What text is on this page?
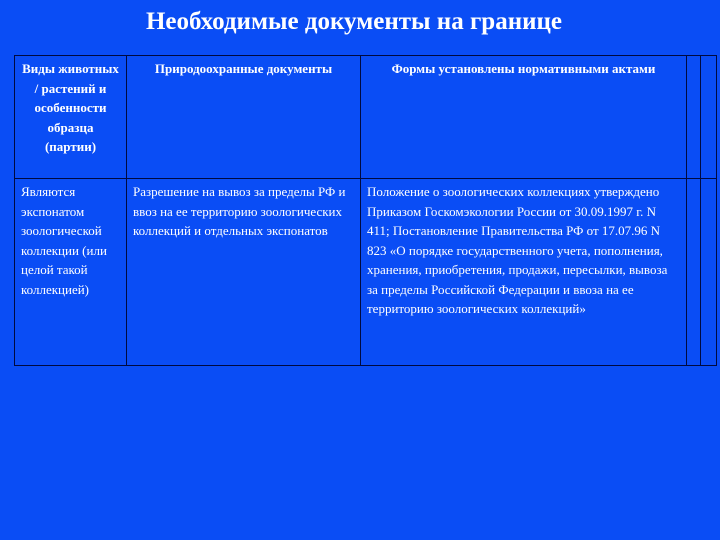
Необходимые документы на границе
Виды животных / растений и особенности образца (партии)	Природоохранные документы	Формы установлены нормативными актами		
Являются экспонатом зоологической коллекции (или целой такой коллекцией)	Разрешение на вывоз за пределы РФ и ввоз на ее территорию зоологических коллекций и отдельных экспонатов	Положение о зоологических коллекциях утверждено Приказом Госкомэкологии России от 30.09.1997 г. N 411; Постановление Правительства РФ от 17.07.96 N 823 «О порядке государственного учета, пополнения, хранения, приобретения, продажи, пересылки, вывоза за пределы Российской Федерации и ввоза на ее территорию зоологических коллекций»		
